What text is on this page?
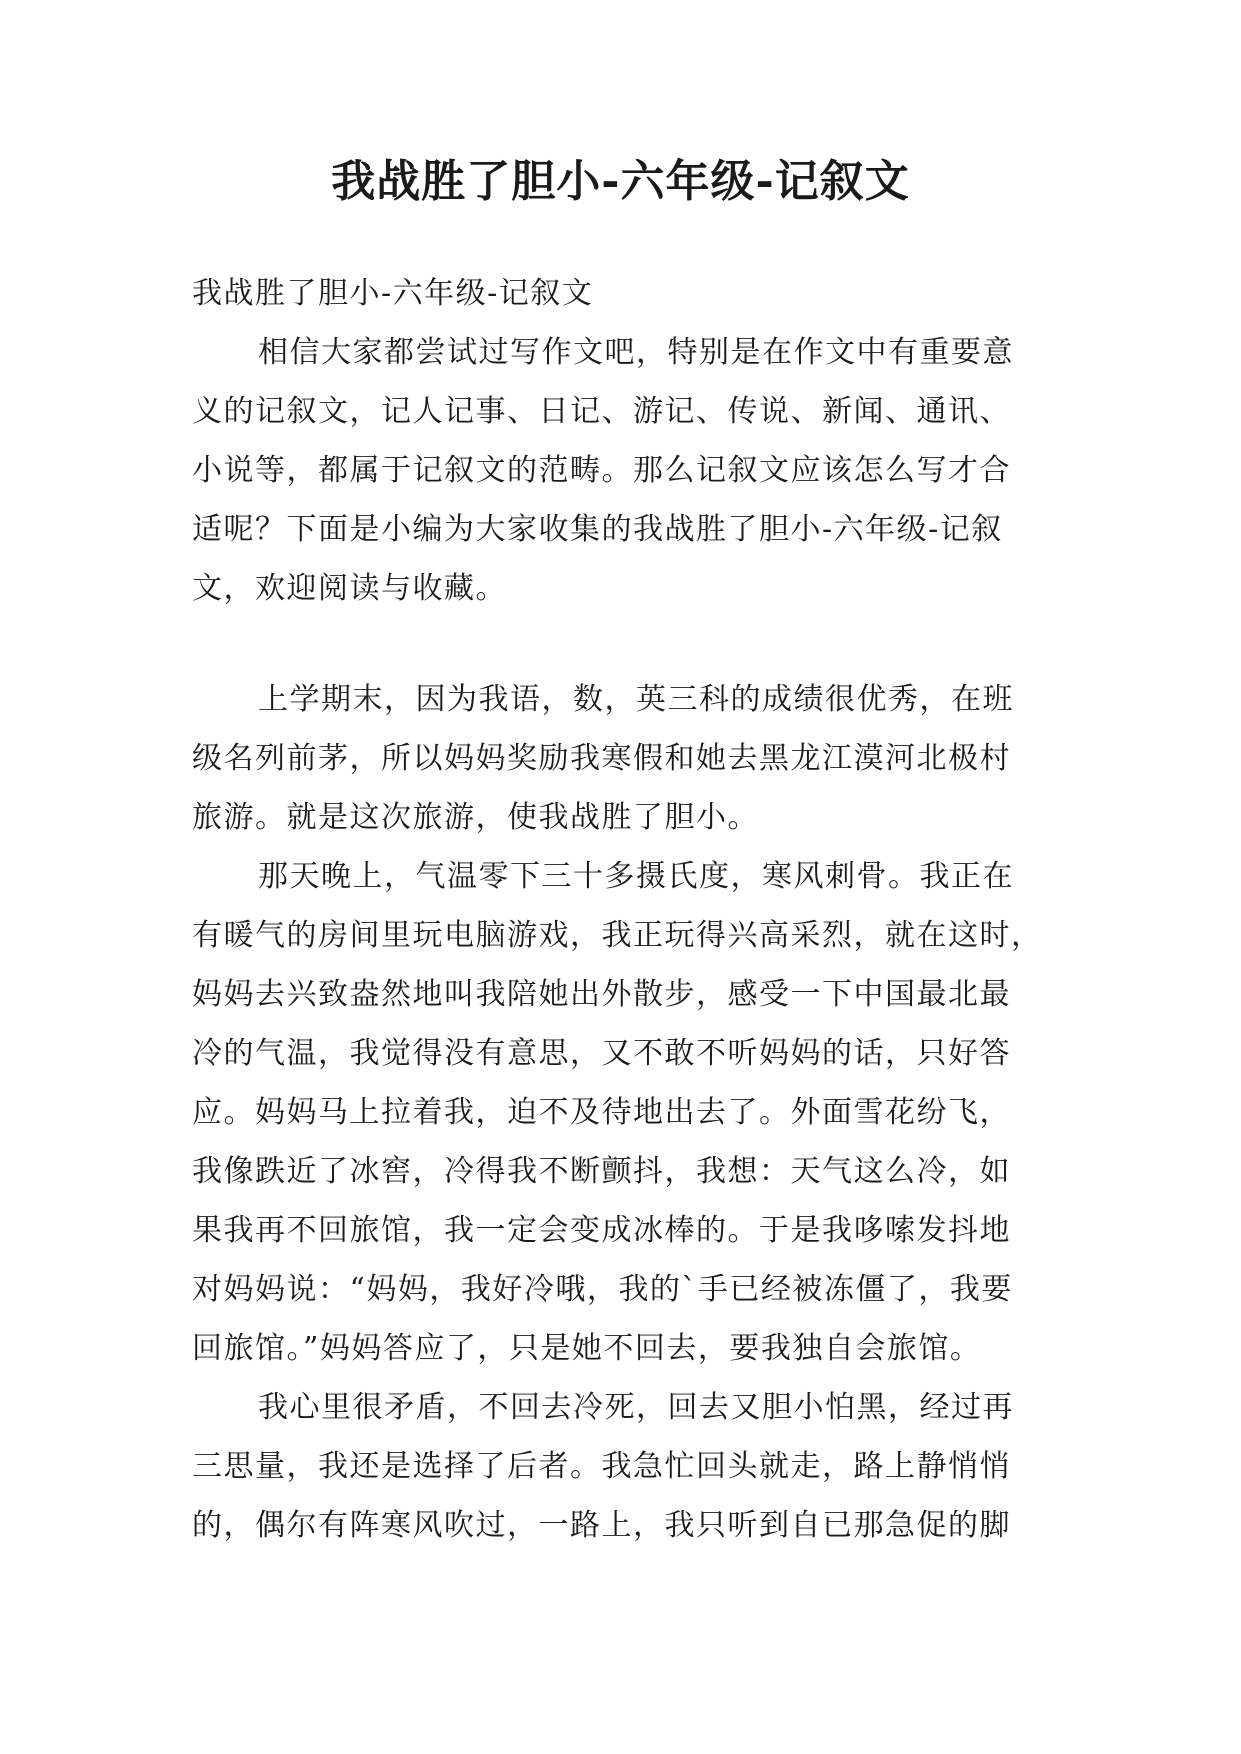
我战胜了胆小-六年级-记叙文
我战胜了胆小-六年级-记叙文
相信大家都尝试过写作文吧，特别是在作文中有重要意
义的记叙文，记人记事、日记、游记、传说、新闻、通讯、
小说等，都属于记叙文的范畴。那么记叙文应该怎么写才合
适呢？下面是小编为大家收集的我战胜了胆小-六年级-记叙
文，欢迎阅读与收藏。
上学期末，因为我语，数，英三科的成绩很优秀，在班
级名列前茅，所以妈妈奖励我寒假和她去黑龙江漠河北极村
旅游。就是这次旅游，使我战胜了胆小。
那天晚上，气温零下三十多摄氏度，寒风刺骨。我正在
有暖气的房间里玩电脑游戏，我正玩得兴高采烈，就在这时，
妈妈去兴致盎然地叫我陪她出外散步，感受一下中国最北最
冷的气温，我觉得没有意思，又不敢不听妈妈的话，只好答
应。妈妈马上拉着我，迫不及待地出去了。外面雪花纷飞，
我像跌近了冰窖，冷得我不断颤抖，我想：天气这么冷，如
果我再不回旅馆，我一定会变成冰棒的。于是我哆嗦发抖地
对妈妈说：“妈妈，我好冷哦，我的`手已经被冻僵了，我要
回旅馆。”妈妈答应了，只是她不回去，要我独自会旅馆。
我心里很矛盾，不回去冷死，回去又胆小怕黑，经过再
三思量，我还是选择了后者。我急忙回头就走，路上静悄悄
的，偶尔有阵寒风吹过，一路上，我只听到自已那急促的脚
